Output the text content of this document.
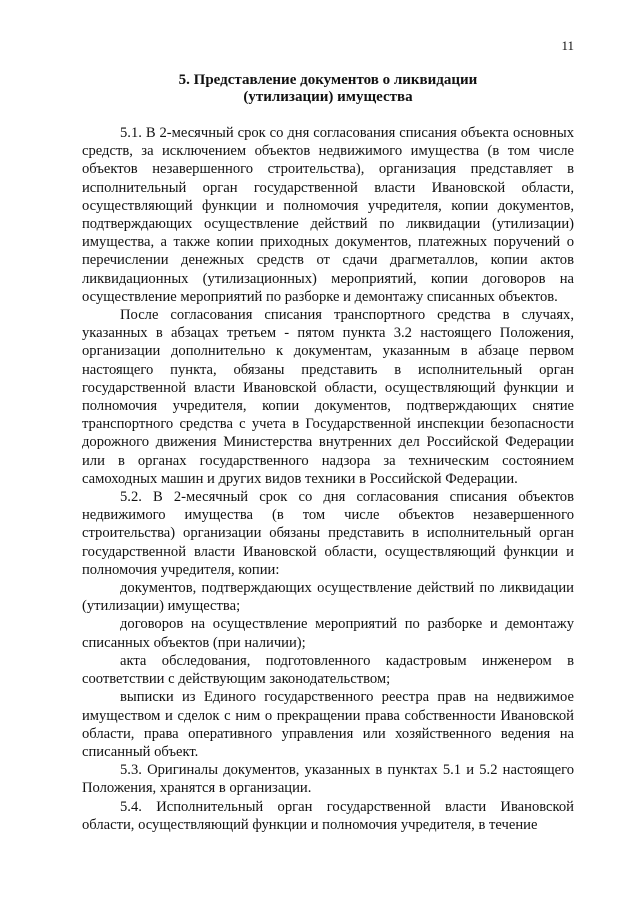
11
5. Представление документов о ликвидации
(утилизации) имущества

5.1. В 2-месячный срок со дня согласования списания объекта основных средств, за исключением объектов недвижимого имущества (в том числе объектов незавершенного строительства), организация представляет в исполнительный орган государственной власти Ивановской области, осуществляющий функции и полномочия учредителя, копии документов, подтверждающих осуществление действий по ликвидации (утилизации) имущества, а также копии приходных документов, платежных поручений о перечислении денежных средств от сдачи драгметаллов, копии актов ликвидационных (утилизационных) мероприятий, копии договоров на осуществление мероприятий по разборке и демонтажу списанных объектов.

После согласования списания транспортного средства в случаях, указанных в абзацах третьем - пятом пункта 3.2 настоящего Положения, организации дополнительно к документам, указанным в абзаце первом настоящего пункта, обязаны представить в исполнительный орган государственной власти Ивановской области, осуществляющий функции и полномочия учредителя, копии документов, подтверждающих снятие транспортного средства с учета в Государственной инспекции безопасности дорожного движения Министерства внутренних дел Российской Федерации или в органах государственного надзора за техническим состоянием самоходных машин и других видов техники в Российской Федерации.

5.2. В 2-месячный срок со дня согласования списания объектов недвижимого имущества (в том числе объектов незавершенного строительства) организации обязаны представить в исполнительный орган государственной власти Ивановской области, осуществляющий функции и полномочия учредителя, копии:

документов, подтверждающих осуществление действий по ликвидации (утилизации) имущества;

договоров на осуществление мероприятий по разборке и демонтажу списанных объектов (при наличии);

акта обследования, подготовленного кадастровым инженером в соответствии с действующим законодательством;

выписки из Единого государственного реестра прав на недвижимое имуществом и сделок с ним о прекращении права собственности Ивановской области, права оперативного управления или хозяйственного ведения на списанный объект.

5.3. Оригиналы документов, указанных в пунктах 5.1 и 5.2 настоящего Положения, хранятся в организации.

5.4. Исполнительный орган государственной власти Ивановской области, осуществляющий функции и полномочия учредителя, в течение
